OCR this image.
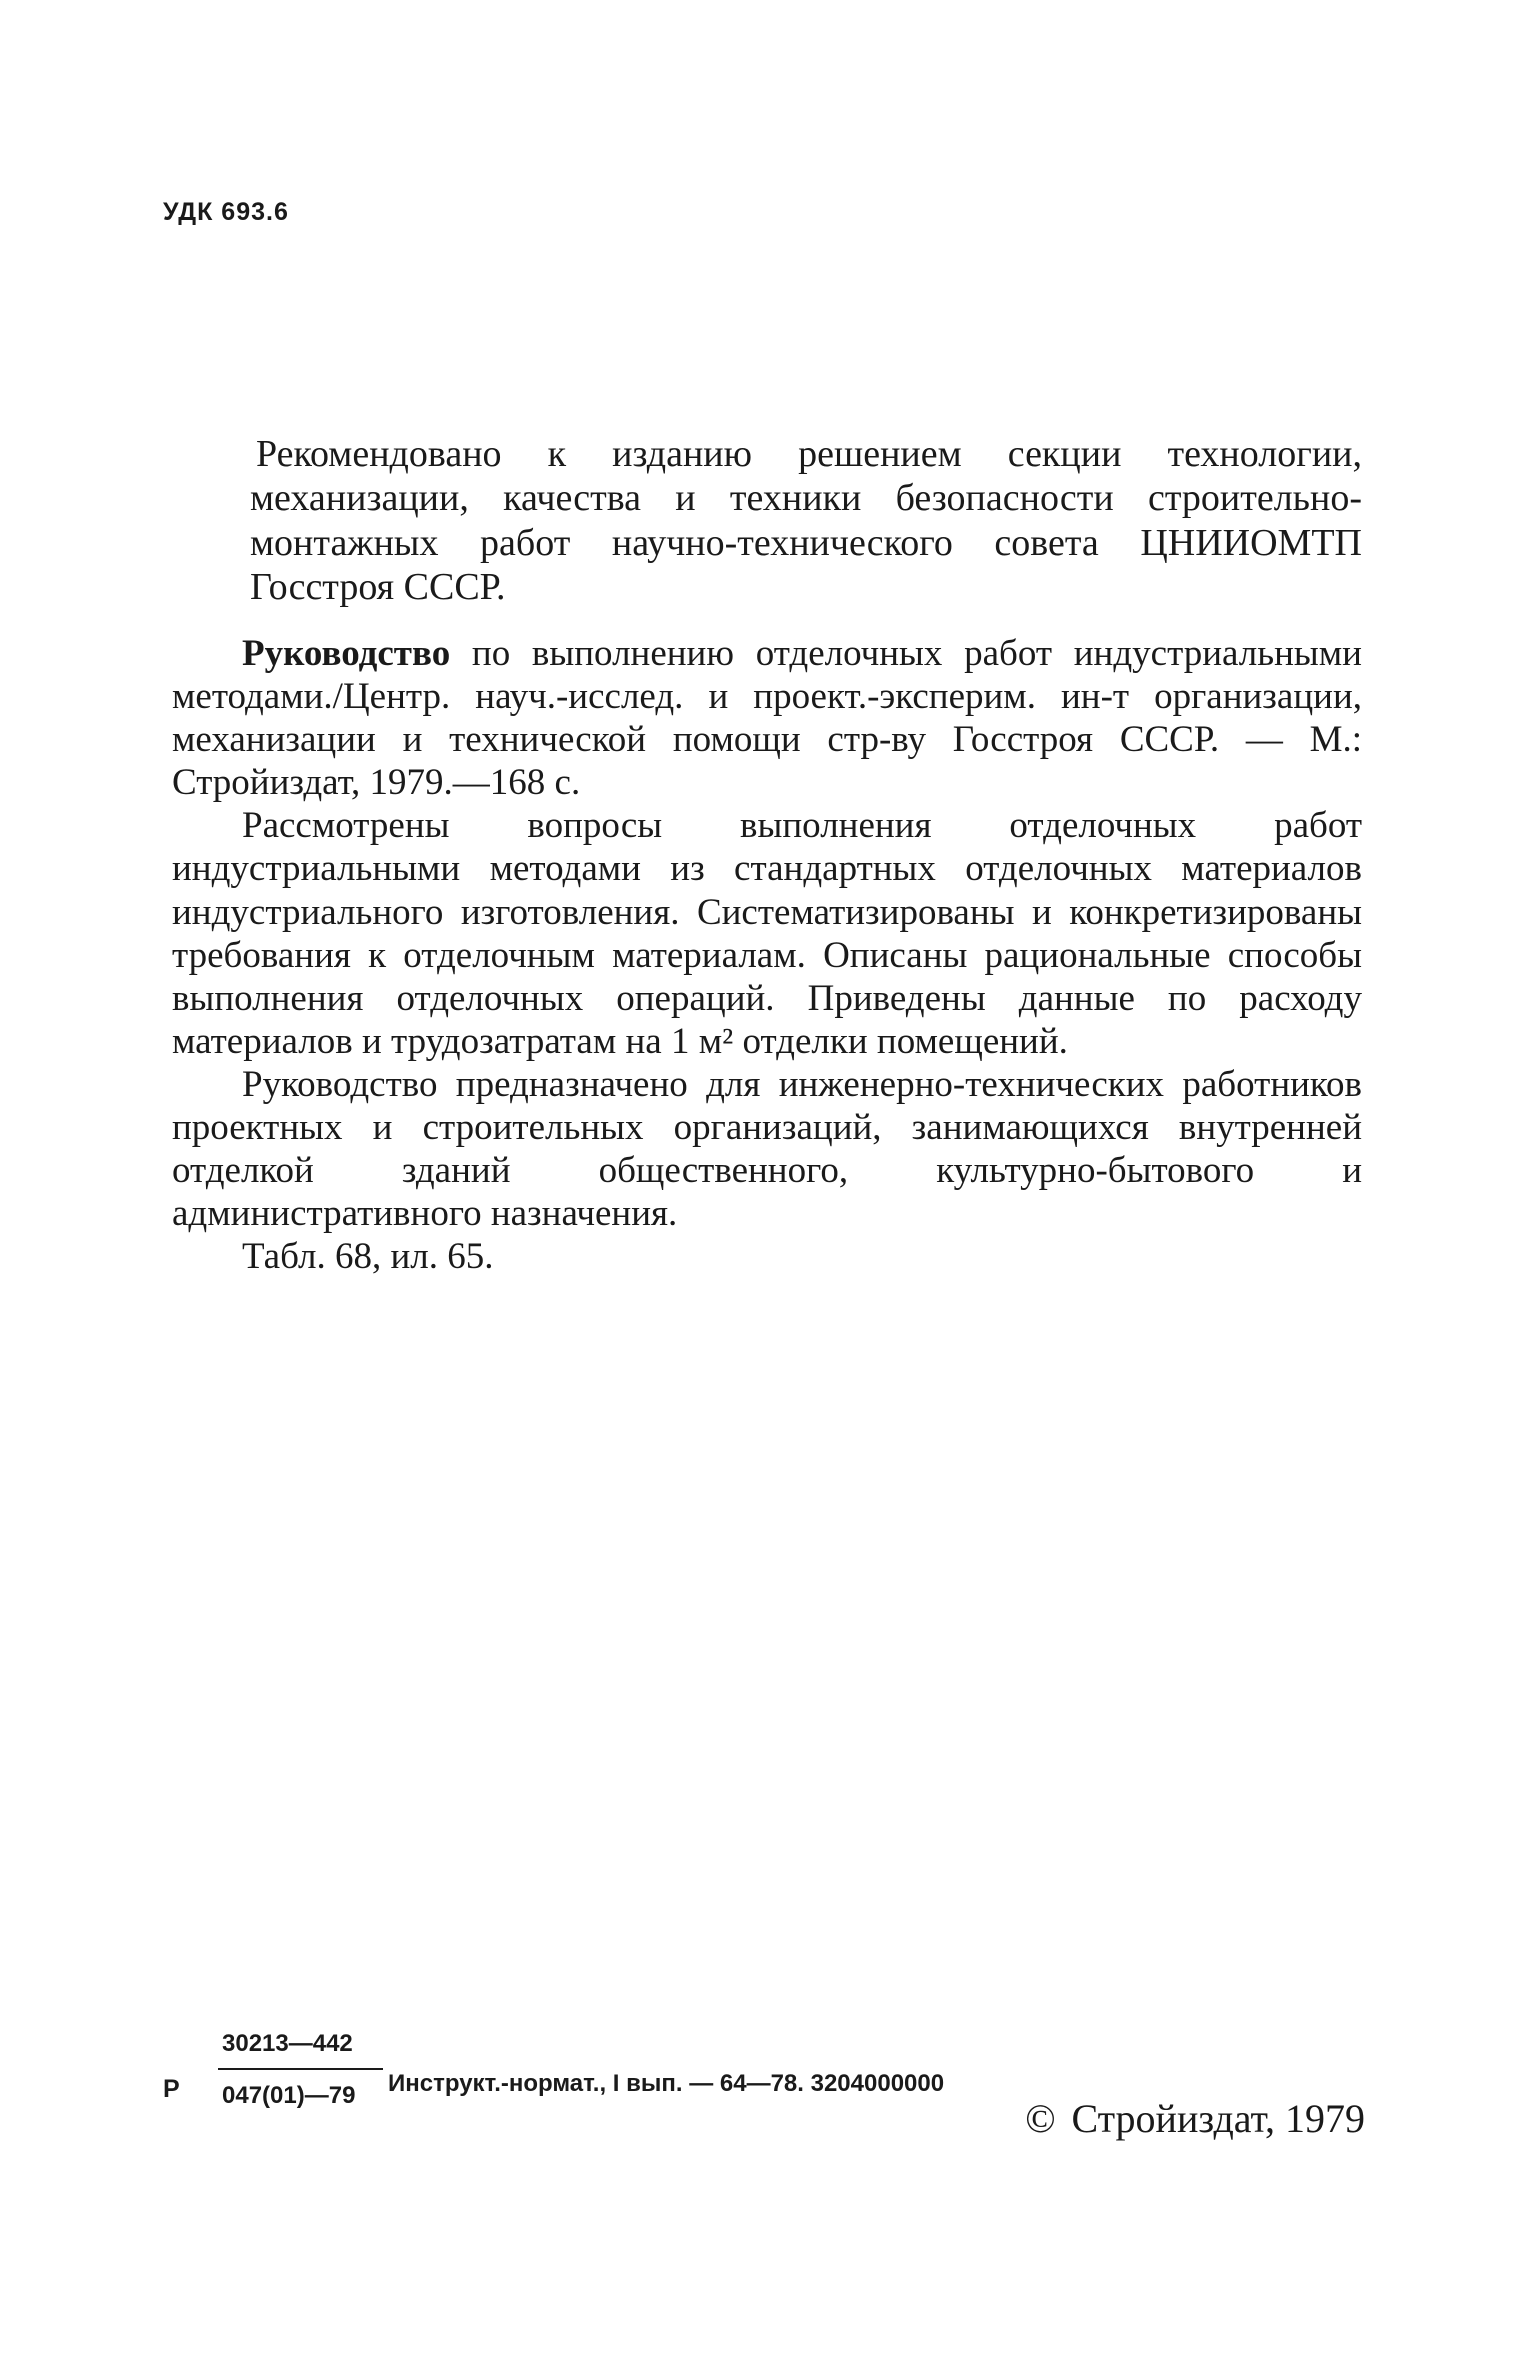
УДК 693.6

Рекомендовано к изданию решением секции технологии, механизации, качества и техники безопасности строительно-монтажных работ научно-технического совета ЦНИИОМТП Госстроя СССР.

Руководство по выполнению отделочных работ индустриальными методами./Центр. науч.-исслед. и проект.-эксперим. ин-т организации, механизации и технической помощи стр-ву Госстроя СССР. — М.: Стройиздат, 1979.—168 с.

Рассмотрены вопросы выполнения отделочных работ индустриальными методами из стандартных отделочных материалов индустриального изготовления. Систематизированы и конкретизированы требования к отделочным материалам. Описаны рациональные способы выполнения отделочных операций. Приведены данные по расходу материалов и трудозатратам на 1 м² отделки помещений.

Руководство предназначено для инженерно-технических работников проектных и строительных организаций, занимающихся внутренней отделкой зданий общественного, культурно-бытового и административного назначения.

Табл. 68, ил. 65.

Р
30213—442
047(01)—79 Инструкт.-нормат., I вып. — 64—78. 3204000000
© Стройиздат, 1979
